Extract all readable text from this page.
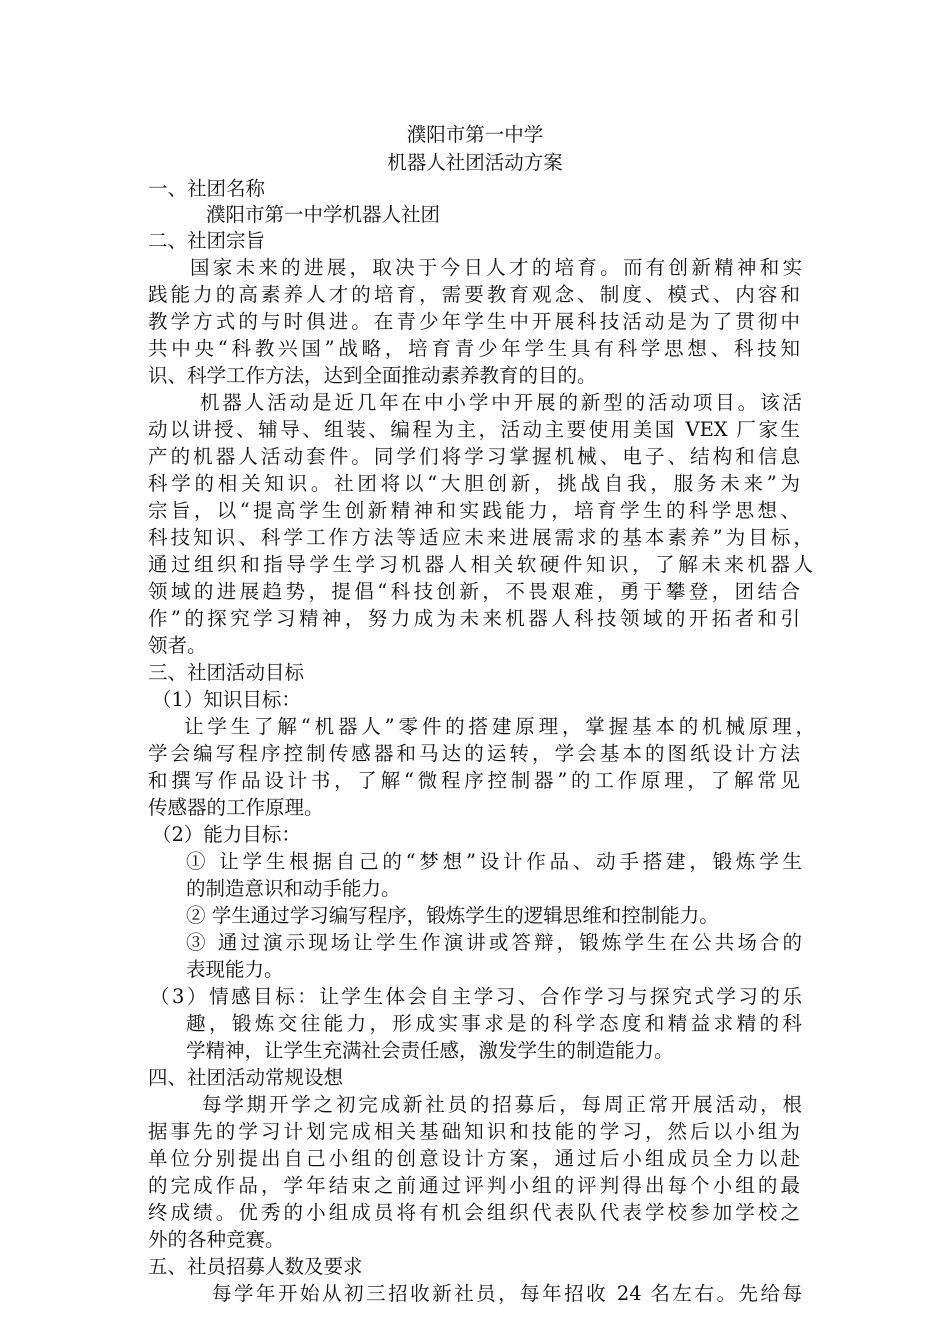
濮阳市第一中学
机器人社团活动方案
一、社团名称
濮阳市第一中学机器人社团
二、社团宗旨
国家未来的进展，取决于今日人才的培育。而有创新精神和实
践能力的高素养人才的培育，需要教育观念、制度、模式、内容和
教学方式的与时俱进。在青少年学生中开展科技活动是为了贯彻中
共中央“科教兴国”战略，培育青少年学生具有科学思想、科技知
识、科学工作方法，达到全面推动素养教育的目的。
机器人活动是近几年在中小学中开展的新型的活动项目。该活
动以讲授、辅导、组装、编程为主，活动主要使用美国 VEX 厂家生
产的机器人活动套件。同学们将学习掌握机械、电子、结构和信息
科学的相关知识。社团将以“大胆创新，挑战自我，服务未来”为
宗旨，以“提高学生创新精神和实践能力，培育学生的科学思想、
科技知识、科学工作方法等适应未来进展需求的基本素养”为目标，
通过组织和指导学生学习机器人相关软硬件知识，了解未来机器人
领域的进展趋势，提倡“科技创新，不畏艰难，勇于攀登，团结合
作”的探究学习精神，努力成为未来机器人科技领域的开拓者和引
领者。
三、社团活动目标
（1）知识目标：
让学生了解“机器人”零件的搭建原理，掌握基本的机械原理，
学会编写程序控制传感器和马达的运转，学会基本的图纸设计方法
和撰写作品设计书，了解“微程序控制器”的工作原理，了解常见
传感器的工作原理。
（2）能力目标：
① 让学生根据自己的“梦想”设计作品、动手搭建，锻炼学生
的制造意识和动手能力。
② 学生通过学习编写程序，锻炼学生的逻辑思维和控制能力。
③ 通过演示现场让学生作演讲或答辩，锻炼学生在公共场合的
表现能力。
（3）情感目标：让学生体会自主学习、合作学习与探究式学习的乐
趣，锻炼交往能力，形成实事求是的科学态度和精益求精的科
学精神，让学生充满社会责任感，激发学生的制造能力。
四、社团活动常规设想
每学期开学之初完成新社员的招募后，每周正常开展活动，根
据事先的学习计划完成相关基础知识和技能的学习，然后以小组为
单位分别提出自己小组的创意设计方案，通过后小组成员全力以赴
的完成作品，学年结束之前通过评判小组的评判得出每个小组的最
终成绩。优秀的小组成员将有机会组织代表队代表学校参加学校之
外的各种竞赛。
五、社员招募人数及要求
每学年开始从初三招收新社员，每年招收 24 名左右。先给每
